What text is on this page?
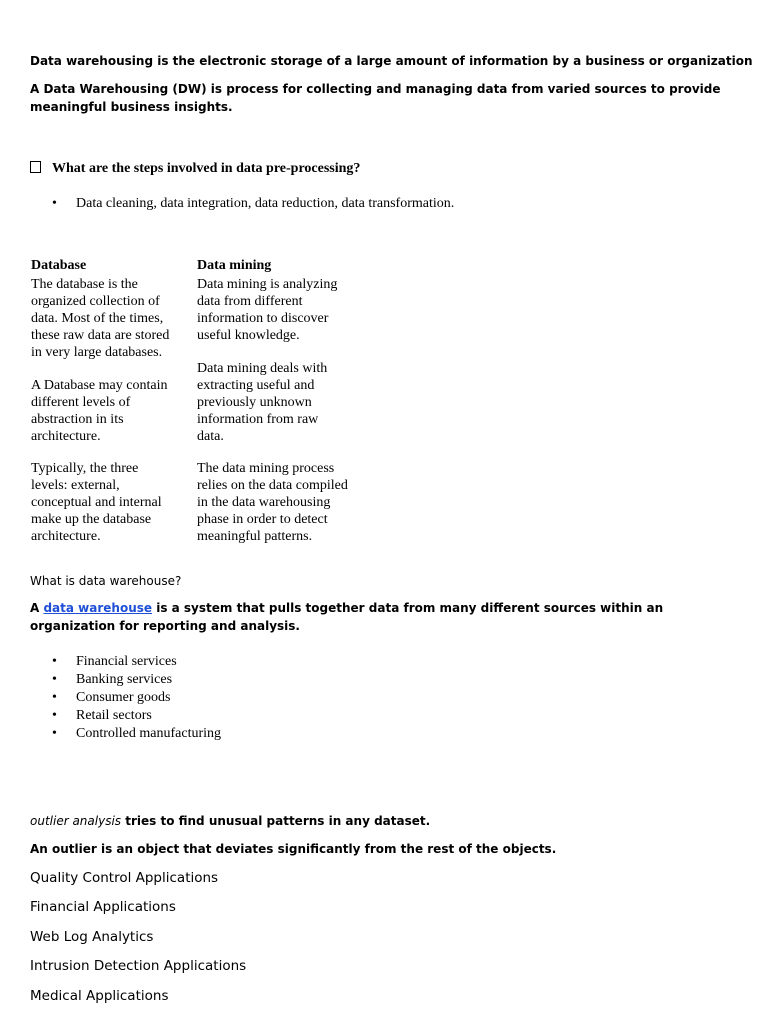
Data warehousing is the electronic storage of a large amount of information by a business or organization
A Data Warehousing (DW) is process for collecting and managing data from varied sources to provide meaningful business insights.
What are the steps involved in data pre-processing?
• Data cleaning, data integration, data reduction, data transformation.
Database	Data mining
The database is the
organized collection of
data. Most of the times,
these raw data are stored
in very large databases.
A Database may contain
different levels of
abstraction in its
architecture.
Typically, the three
levels: external,
conceptual and internal
make up the database
architecture.
Data mining is analyzing
data from different
information to discover
useful knowledge.
Data mining deals with
extracting useful and
previously unknown
information from raw
data.
The data mining process
relies on the data compiled
in the data warehousing
phase in order to detect
meaningful patterns.
What is data warehouse?
A data warehouse is a system that pulls together data from many different sources within an organization for reporting and analysis.
• Financial services
• Banking services
• Consumer goods
• Retail sectors
• Controlled manufacturing
outlier analysis tries to find unusual patterns in any dataset.
An outlier is an object that deviates significantly from the rest of the objects.
Quality Control Applications
Financial Applications
Web Log Analytics
Intrusion Detection Applications
Medical Applications
